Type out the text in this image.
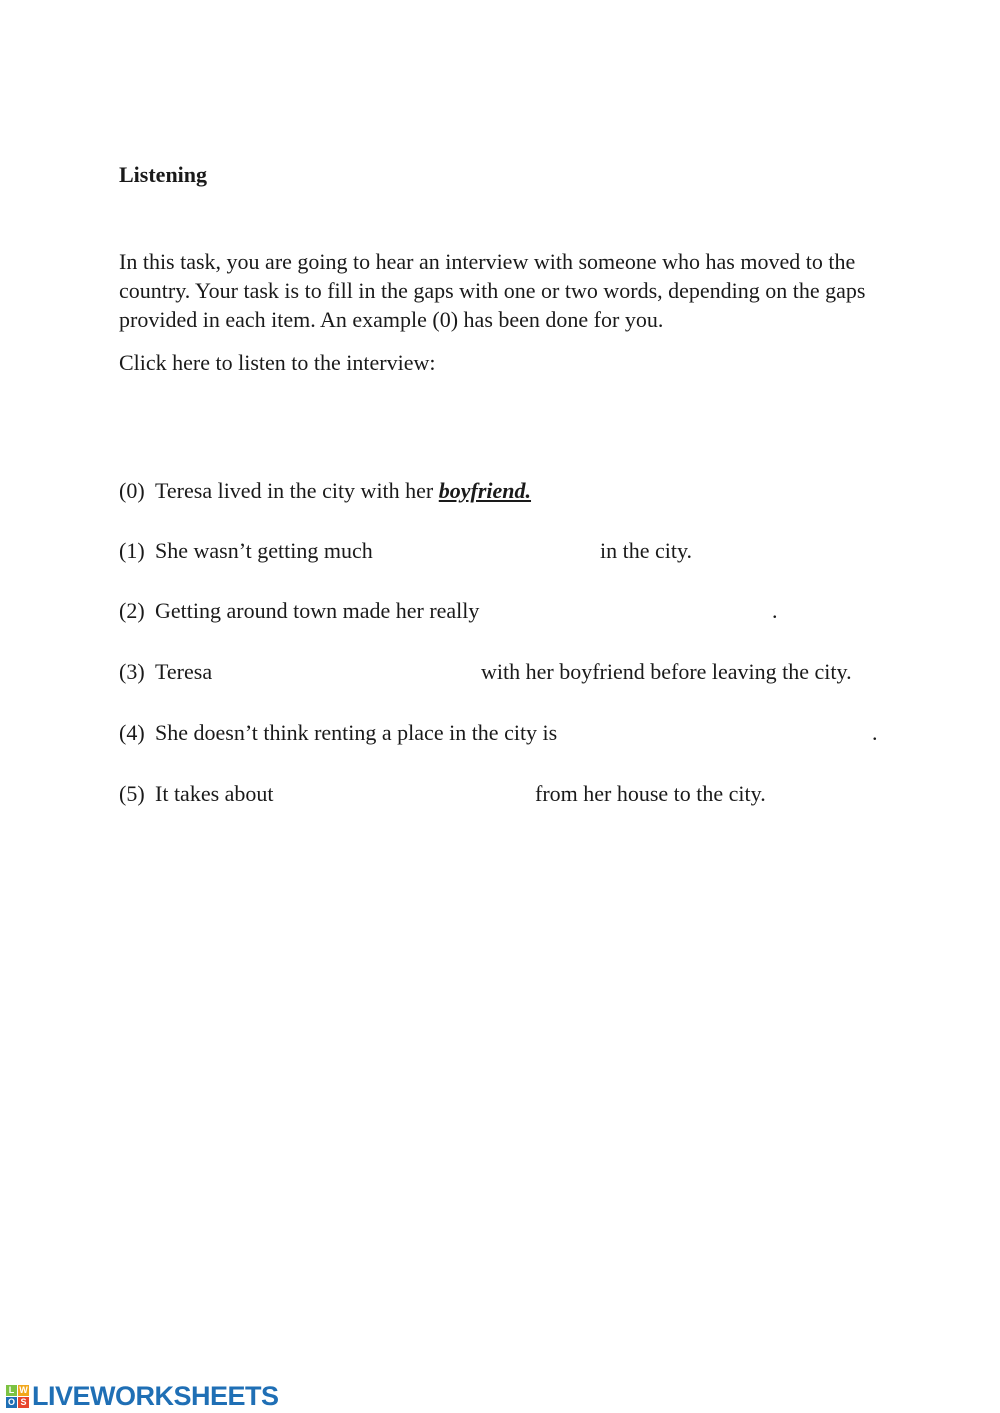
Listening

In this task, you are going to hear an interview with someone who has moved to the country. Your task is to fill in the gaps with one or two words, depending on the gaps provided in each item. An example (0) has been done for you.

Click here to listen to the interview:

(0) Teresa lived in the city with her boyfriend.
(1) She wasn’t getting much	in the city.
(2) Getting around town made her really	.
(3) Teresa	with her boyfriend before leaving the city.
(4) She doesn’t think renting a place in the city is	.
(5) It takes about	from her house to the city.
L W
O S LIVEWORKSHEETS
